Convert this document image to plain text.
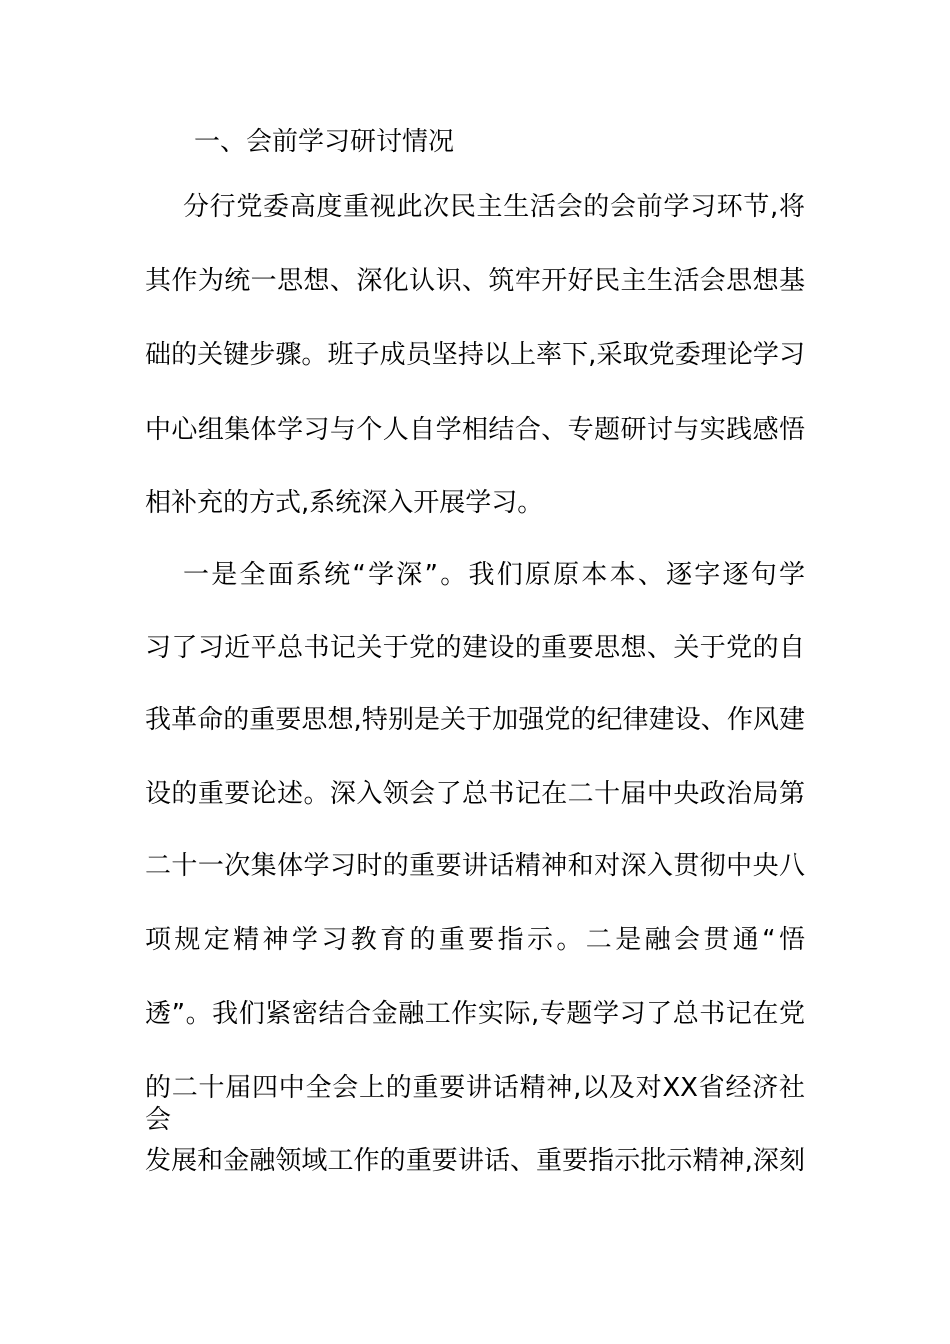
一、会前学习研讨情况
分行党委高度重视此次民主生活会的会前学习环节,将
其作为统一思想、深化认识、筑牢开好民主生活会思想基
础的关键步骤。班子成员坚持以上率下,采取党委理论学习
中心组集体学习与个人自学相结合、专题研讨与实践感悟
相补充的方式,系统深入开展学习。
一是全面系统“学深”。我们原原本本、逐字逐句学
习了习近平总书记关于党的建设的重要思想、关于党的自
我革命的重要思想,特别是关于加强党的纪律建设、作风建
设的重要论述。深入领会了总书记在二十届中央政治局第
二十一次集体学习时的重要讲话精神和对深入贯彻中央八
项规定精神学习教育的重要指示。二是融会贯通“悟
透”。我们紧密结合金融工作实际,专题学习了总书记在党
的二十届四中全会上的重要讲话精神,以及对XX省经济社会
发展和金融领域工作的重要讲话、重要指示批示精神,深刻
